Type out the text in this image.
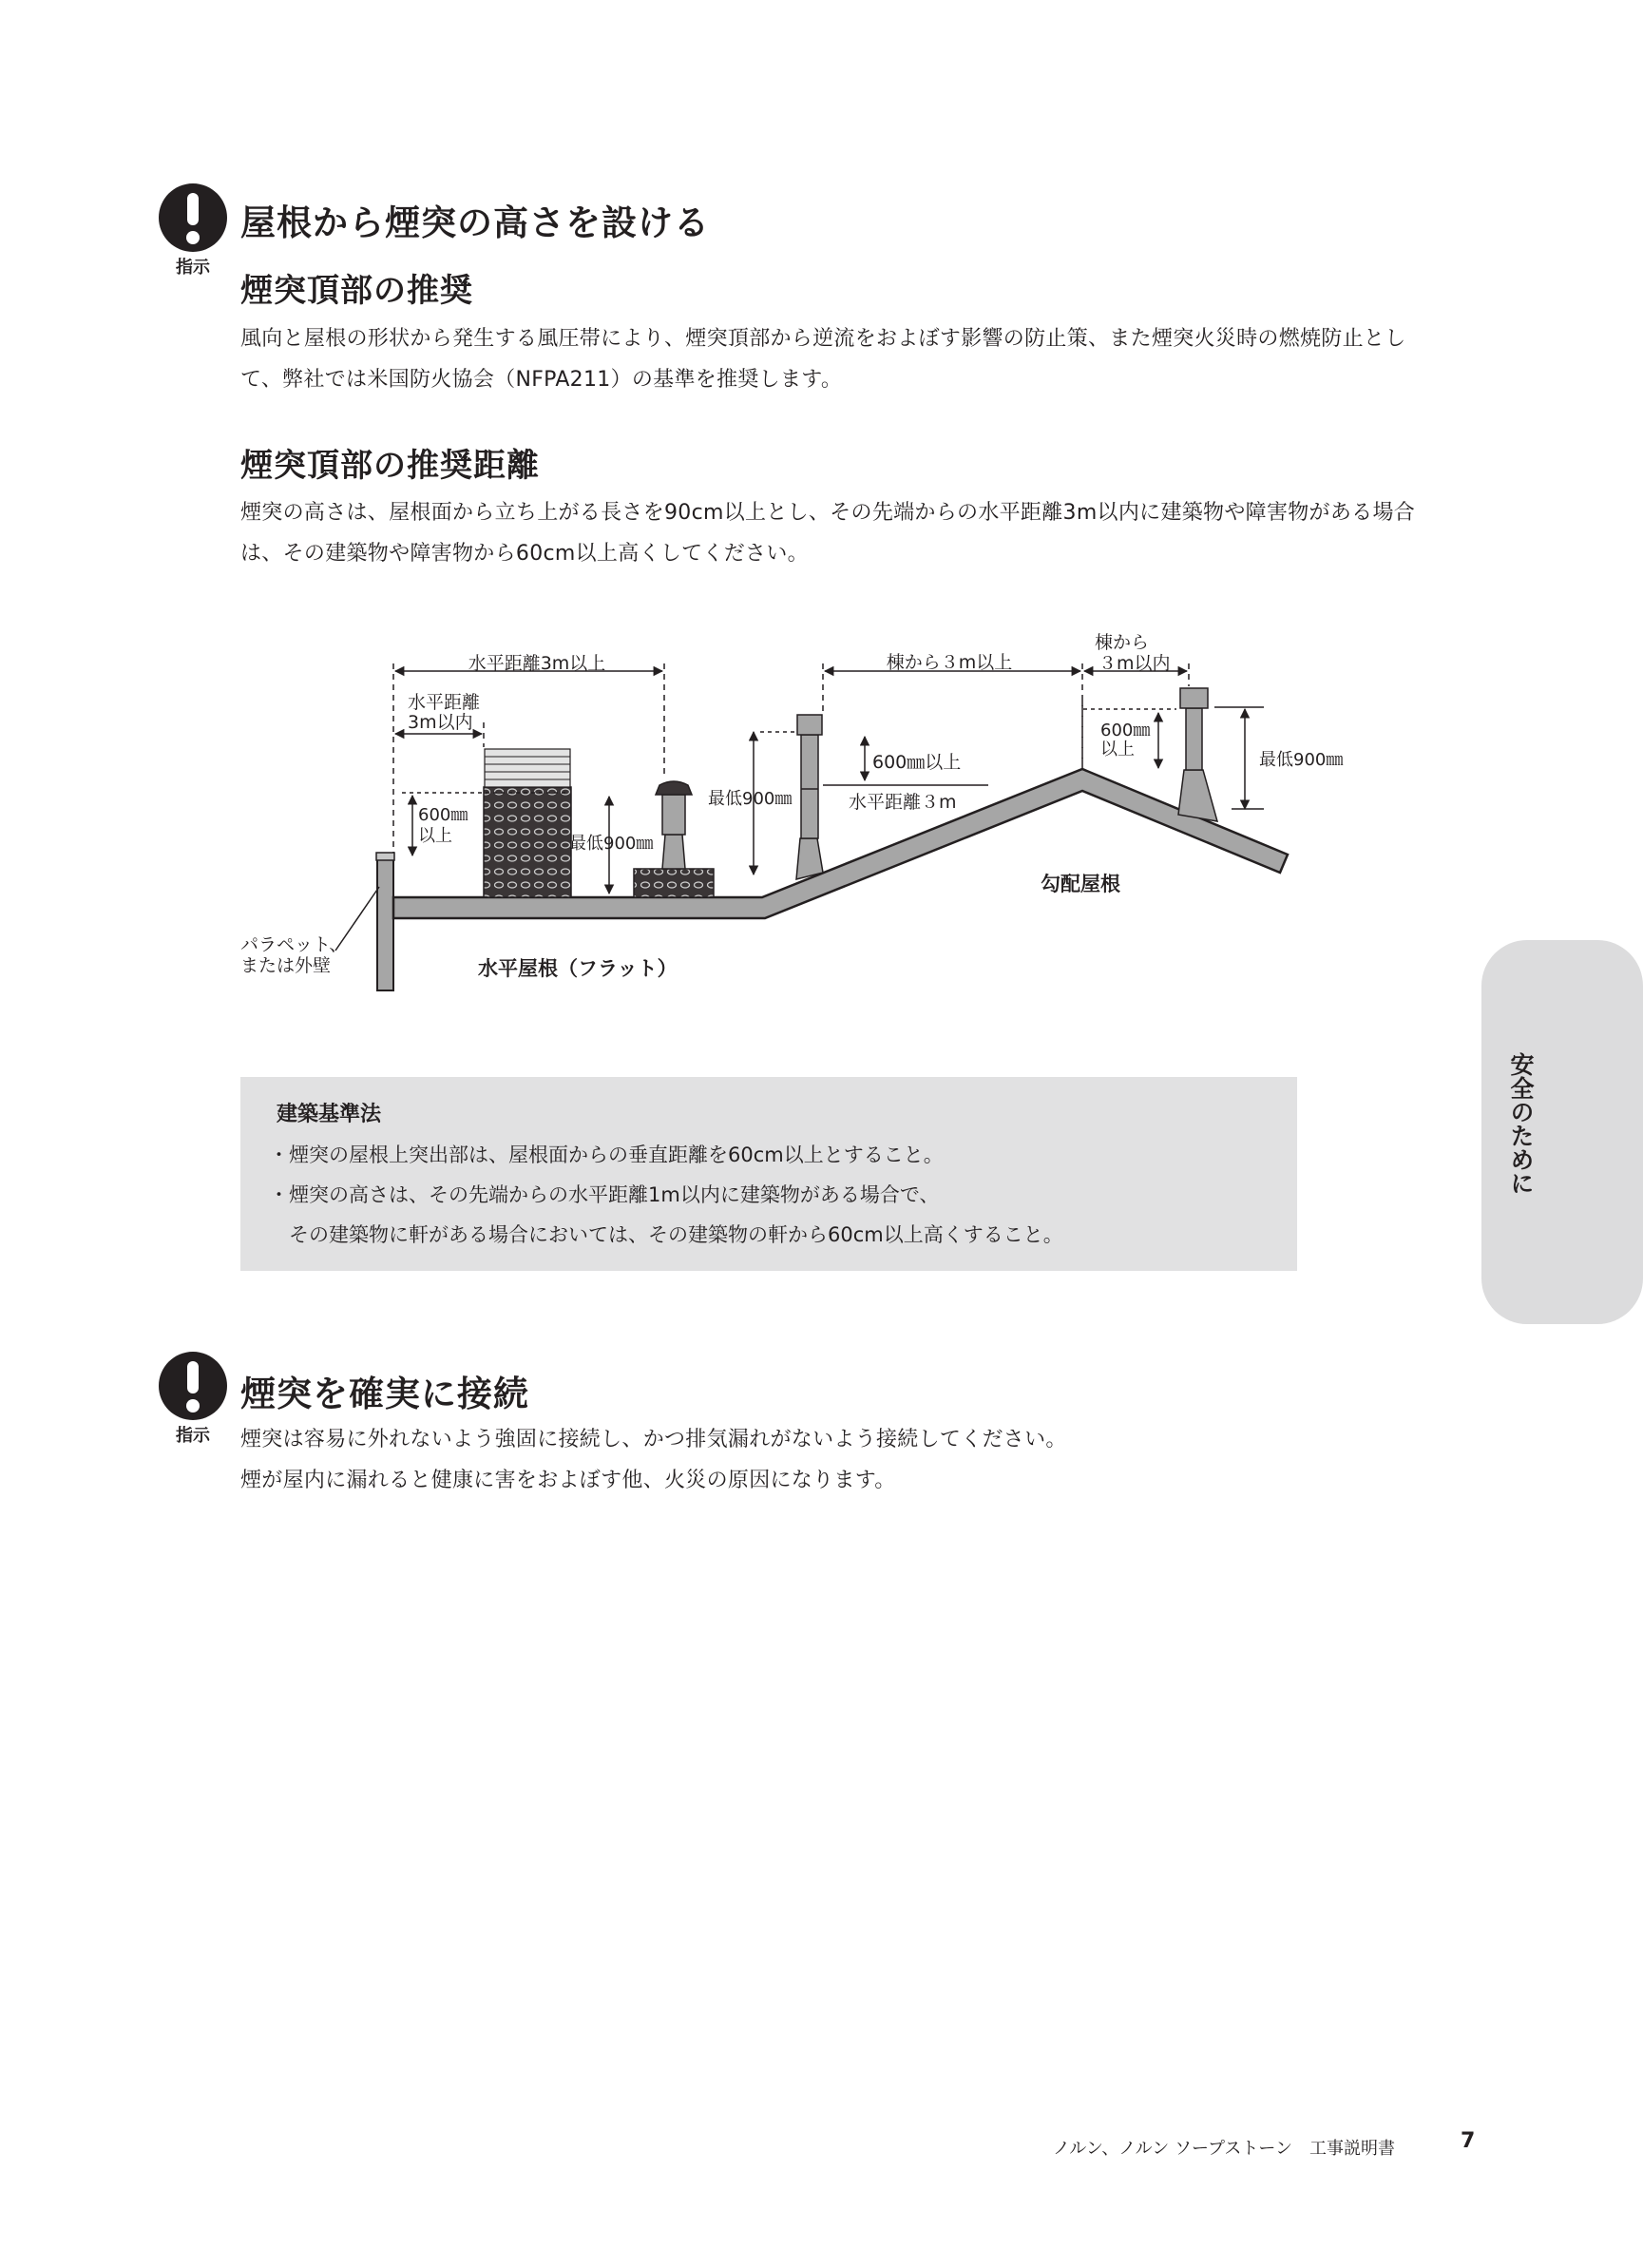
指示
屋根から煙突の高さを設ける
煙突頂部の推奨

風向と屋根の形状から発生する風圧帯により、煙突頂部から逆流をおよぼす影響の防止策、また煙突火災時の燃焼防止とし

て、弊社では米国防火協会（NFPA211）の基準を推奨します。

煙突頂部の推奨距離

煙突の高さは、屋根面から立ち上がる長さを90cm以上とし、その先端からの水平距離3m以内に建築物や障害物がある場合

は、その建築物や障害物から60cm以上高くしてください。

水平距離3m以上
水平距離
3m以内
600㎜
以上	最低900㎜
最低900㎜
600㎜以上
水平距離３m
棟から３m以上
棟から
３m以内
600㎜
以上
最低900㎜
勾配屋根
パラペット、
または外壁	水平屋根（フラット）
建築基準法
・煙突の屋根上突出部は、屋根面からの垂直距離を60cm以上とすること。
・煙突の高さは、その先端からの水平距離1m以内に建築物がある場合で、
　その建築物に軒がある場合においては、その建築物の軒から60cm以上高くすること。
指示
煙突を確実に接続

煙突は容易に外れないよう強固に接続し、かつ排気漏れがないよう接続してください。

煙が屋内に漏れると健康に害をおよぼす他、火災の原因になります。

安全のために
ノルン、ノルン ソープストーン　工事説明書	7
